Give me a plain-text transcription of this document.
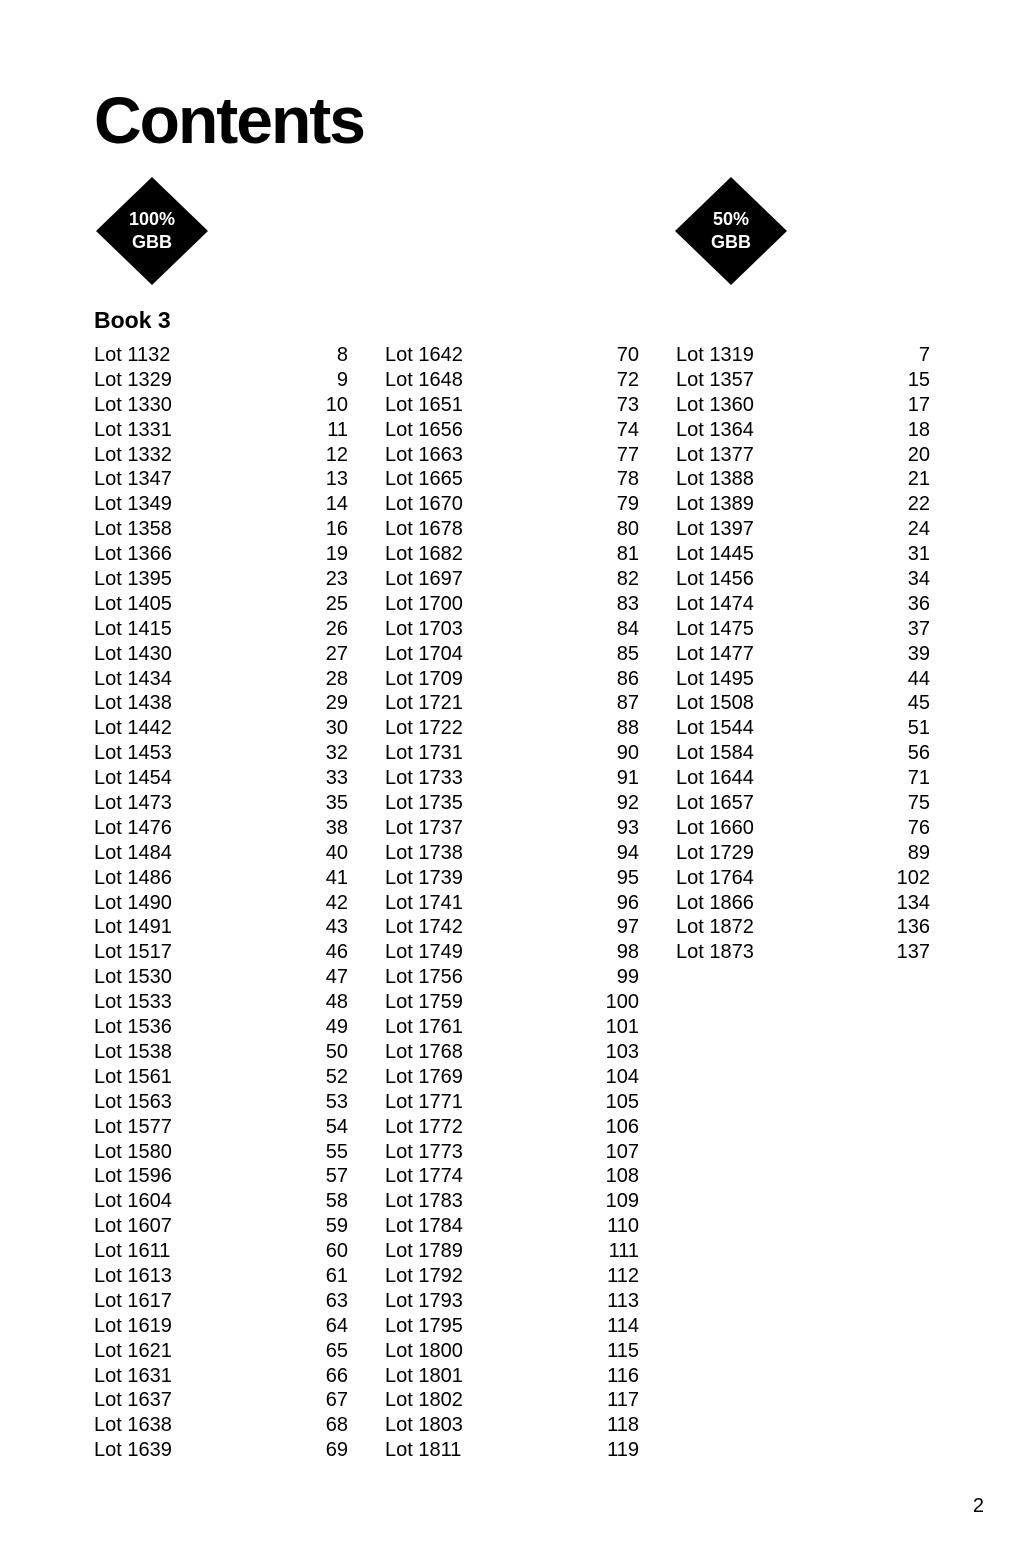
Contents
100%
GBB
50%
GBB
Book 3
Lot 1132	8
Lot 1329	9
Lot 1330	10
Lot 1331	11
Lot 1332	12
Lot 1347	13
Lot 1349	14
Lot 1358	16
Lot 1366	19
Lot 1395	23
Lot 1405	25
Lot 1415	26
Lot 1430	27
Lot 1434	28
Lot 1438	29
Lot 1442	30
Lot 1453	32
Lot 1454	33
Lot 1473	35
Lot 1476	38
Lot 1484	40
Lot 1486	41
Lot 1490	42
Lot 1491	43
Lot 1517	46
Lot 1530	47
Lot 1533	48
Lot 1536	49
Lot 1538	50
Lot 1561	52
Lot 1563	53
Lot 1577	54
Lot 1580	55
Lot 1596	57
Lot 1604	58
Lot 1607	59
Lot 1611	60
Lot 1613	61
Lot 1617	63
Lot 1619	64
Lot 1621	65
Lot 1631	66
Lot 1637	67
Lot 1638	68
Lot 1639	69
Lot 1642	70
Lot 1648	72
Lot 1651	73
Lot 1656	74
Lot 1663	77
Lot 1665	78
Lot 1670	79
Lot 1678	80
Lot 1682	81
Lot 1697	82
Lot 1700	83
Lot 1703	84
Lot 1704	85
Lot 1709	86
Lot 1721	87
Lot 1722	88
Lot 1731	90
Lot 1733	91
Lot 1735	92
Lot 1737	93
Lot 1738	94
Lot 1739	95
Lot 1741	96
Lot 1742	97
Lot 1749	98
Lot 1756	99
Lot 1759	100
Lot 1761	101
Lot 1768	103
Lot 1769	104
Lot 1771	105
Lot 1772	106
Lot 1773	107
Lot 1774	108
Lot 1783	109
Lot 1784	110
Lot 1789	111
Lot 1792	112
Lot 1793	113
Lot 1795	114
Lot 1800	115
Lot 1801	116
Lot 1802	117
Lot 1803	118
Lot 1811	119
Lot 1319	7
Lot 1357	15
Lot 1360	17
Lot 1364	18
Lot 1377	20
Lot 1388	21
Lot 1389	22
Lot 1397	24
Lot 1445	31
Lot 1456	34
Lot 1474	36
Lot 1475	37
Lot 1477	39
Lot 1495	44
Lot 1508	45
Lot 1544	51
Lot 1584	56
Lot 1644	71
Lot 1657	75
Lot 1660	76
Lot 1729	89
Lot 1764	102
Lot 1866	134
Lot 1872	136
Lot 1873	137
2
